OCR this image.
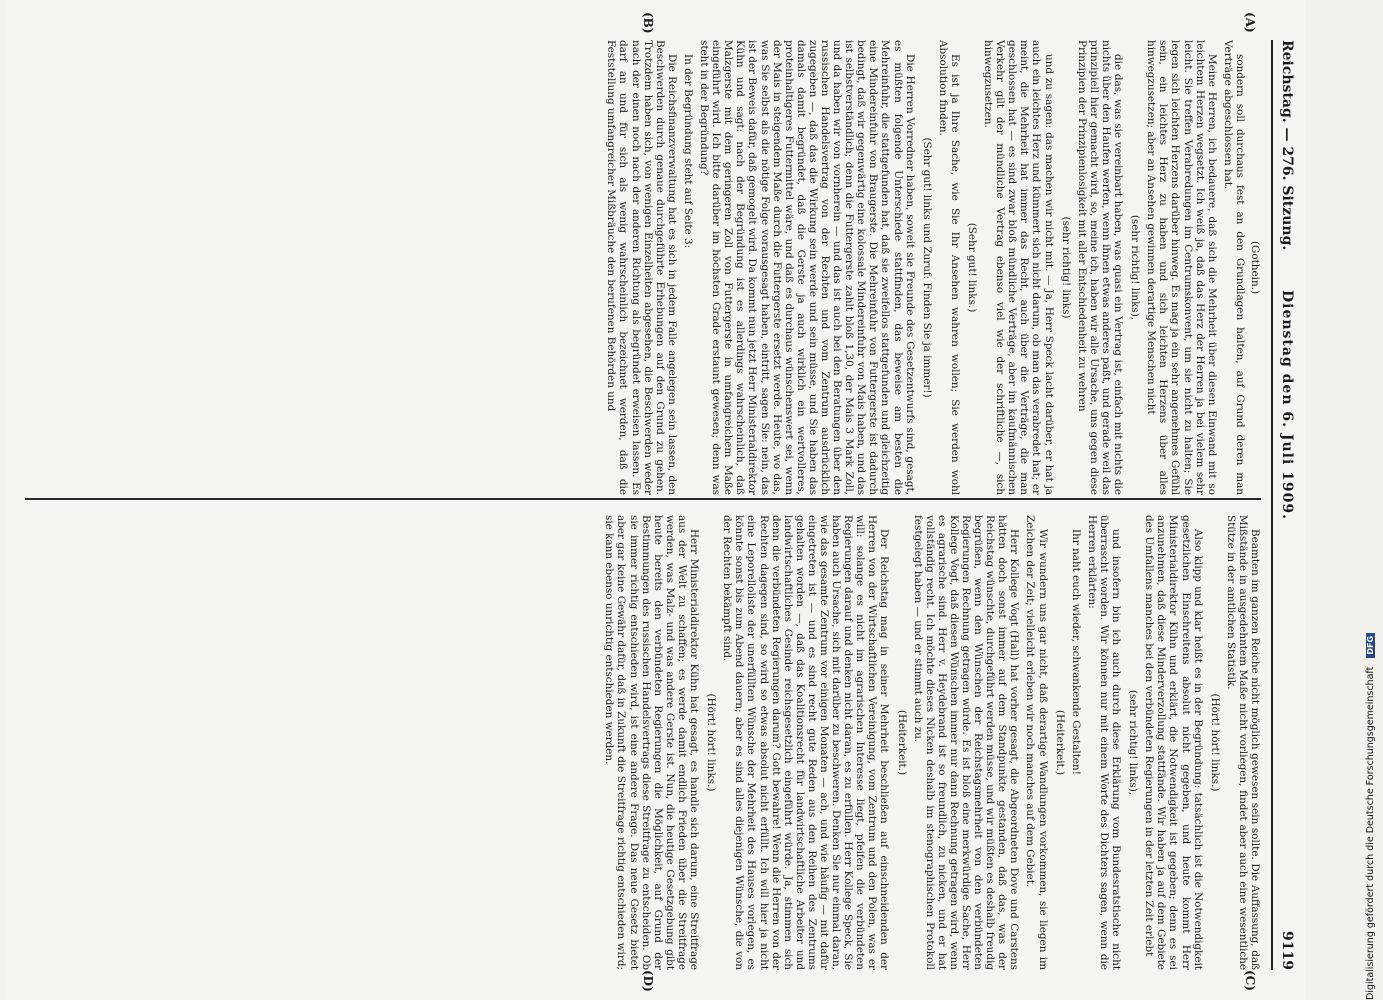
Reichstag. — 276. Sitzung.
Dienstag den 6. Juli 1909.
9119
(A)
(B)
(C)
(D)

(Gothein.)

sondern soll durchaus fest an den Grundlagen halten, auf Grund deren man Verträge abgeschlossen hat.

Meine Herren, ich bedauere, daß sich die Mehrheit über diesen Einwand mit so leichtem Herzen wegsetzt. Ich weiß ja, daß das Herz der Herren ja bei vielem sehr leicht. Sie treffen Verabredungen im Centrumskonvent, um sie nicht zu halten; Sie legen sich leichten Herzens darüber hinweg. Es mag ja ein sehr angenehmes Gefühl sein, ein leichtes Herz zu haben und sich leichten Herzens über alles hinwegzusetzen; aber an Ansehen gewinnen derartige Menschen nicht

(sehr richtig! links),

die das, was sie vereinbart haben, was quasi ein Vertrag ist, einfach mit nichts die nichts über den Haufen werfen, wenn ihnen etwas anderes paßt, und gerade weil das prinzipiell hier gemacht wird, so, meine ich, haben wir alle Ursache, uns gegen diese Prinzipien der Prinzipienlosigkeit mit aller Entschiedenheit zu wehren

(sehr richtig! links)

und zu sagen: das machen wir nicht mit. — Ja, Herr Speck lacht darüber, er hat ja auch ein leichtes Herz und kümmert sich nicht darum, ob man das verabredet hat; er meint, die Mehrheit hat immer das Recht, auch über die Verträge, die man geschlossen hat — es sind zwar bloß mündliche Verträge, aber im kaufmännischen Verkehr gilt der mündliche Vertrag ebenso viel wie der schriftliche —, sich hinwegzusetzen.

(Sehr gut! links.)

Es ist ja Ihre Sache, wie Sie Ihr Ansehen wahren wollen; Sie werden wohl Absolution finden.

(Sehr gut! links und Zuruf: Finden Sie ja immer!)

Die Herren Vorredner haben, soweit sie Freunde des Gesetzentwurfs sind, gesagt, es müßten folgende Unterschiede stattfinden, das beweise am besten die Mehreinfuhr, die stattgefunden hat, daß sie zweifellos stattgefunden und gleichzeitig eine Mindereinfuhr von Braugerste. Die Mehreinfuhr von Futtergerste ist dadurch bedingt, daß wir gegenwärtig eine kolossale Mindereinfuhr von Mais haben, und das ist selbstverständlich; denn die Futtergerste zahlt bloß 1,30, der Mais 3 Mark Zoll, und da haben wir von vornherein — und das ist auch bei den Beratungen über den russischen Handelsvertrag von der Rechten und vom Zentrum ausdrücklich zugegeben —, daß das die Wirkung sein werde und sein müsse, und Sie haben das damals damit begründet, daß die Gerste ja auch wirklich ein wertvolleres, proteinhaltigeres Futtermittel wäre, und daß es durchaus wünschenswert sei, wenn der Mais in steigendem Maße durch die Futtergerste ersetzt werde. Heute, wo das, was Sie selbst als die nötige Folge vorausgesagt haben, eintritt, sagen Sie: nein, das ist der Beweis dafür, daß gemogelt wird. Da kommt nun jetzt Herr Ministerialdirektor Kühn und sagt: nach der Begründung ist es allerdings wahrscheinlich, daß Malzgerste mit dem geringeren Zoll von Futtergerste in umfangreichem Maße eingeführt wird. Ich bitte darüber im höchsten Grade erstaunt gewesen; denn was steht in der Begründung?

In der Begründung steht auf Seite 3:

Die Reichsfinanzverwaltung hat es sich in jedem Falle angelegen sein lassen, den Beschwerden durch genaue durchgeführte Erhebungen auf den Grund zu gehen. Trotzdem haben sich, von wenigen Einzelheiten abgesehen, die Beschwerden weder nach der einen noch nach der anderen Richtung als begründet erweisen lassen. Es darf an und für sich als wenig wahrscheinlich bezeichnet werden, daß die Feststellung umfangreicher Mißbräuche den berufenen Behörden und

Beamten im ganzen Reiche nicht möglich gewesen sein sollte. Die Auffassung, daß Mißstände in ausgedehntem Maße nicht vorliegen, findet aber auch eine wesentliche Stütze in der amtlichen Statistik.

(Hört! hört! links.)

Also klipp und klar heißt es in der Begründung: tatsächlich ist die Notwendigkeit gesetzlichen Einschreitens absolut nicht gegeben, und heute kommt Herr Ministerialdirektor Kühn und erklärt, die Notwendigkeit ist gegeben; denn es sei anzunehmen, daß diese Minderverzollung stattfände. Wir haben ja auf dem Gebiete des Umfallens manches bei den verbündeten Regierungen in der letzten Zeit erlebt

(sehr richtig! links),

und insofern bin ich auch durch diese Erklärung vom Bundesratstische nicht überrascht worden. Wir können nur mit einem Worte des Dichters sagen, wenn die Herren erklärten:

Ihr naht euch wieder, schwankende Gestalten!

(Heiterkeit.)

Wir wundern uns gar nicht, daß derartige Wandlungen vorkommen, sie liegen im Zeichen der Zeit; vielleicht erleben wir noch manches auf dem Gebiet.

Herr Kollege Vogt (Hall) hat vorher gesagt, die Abgeordneten Dove und Carstens hätten doch sonst immer auf dem Standpunkte gestanden, daß das, was der Reichstag wünschte, durchgeführt werden müsse, und wir müßten es deshalb freudig begrüßen, wenn den Wünschen der Reichstagsmehrheit von den verbündeten Regierungen Rechnung getragen würde. Es ist bloß eine merkwürdige Sache, Herr Kollege Vogt, daß diesen Wünschen immer nur dann Rechnung getragen wird, wenn es agrarische sind. Herr v. Heydebrand ist so freundlich, zu nicken, und er hat vollständig recht. Ich möchte dieses Nicken deshalb im stenographischen Protokoll festgelegt haben — und er stimmt auch zu.

(Heiterkeit.)

Der Reichstag mag in seiner Mehrheit beschließen auf einschneidenden der Herren von der Wirtschaftlichen Vereinigung, vom Zentrum und den Polen, was er will: solange es nicht im agrarischen Interesse liegt, pfeifen die verbündeten Regierungen darauf und denken nicht daran, es zu erfüllen. Herr Kollege Speck, Sie haben auch Ursache, sich mit darüber zu beschweren. Denken Sie nur einmal daran, wie das gesamte Zentrum vor einigen Monaten — ach, und wie häufig — mit dafür eingetreten ist — und es sind recht gute Reden aus den Reihen des Zentrums gehalten worden —, daß das Koalitionsrecht für landwirtschaftliche Arbeiter und landwirtschaftliches Gesinde reichsgesetzlich eingeführt würde. Ja, stimmen sich denn die verbündeten Regierungen darum? Gott bewahre! Wenn die Herren von der Rechten dagegen sind, so wird so etwas absolut nicht erfüllt. Ich will hier ja nicht eine Leporelloliste der unerfüllten Wünsche der Mehrheit des Hauses vorlegen, es könnte sonst bis zum Abend dauern; aber es sind alles diejenigen Wünsche, die von der Rechten bekämpft sind.

(Hört! hört! links.)

Herr Ministerialdirektor Kühn hat gesagt, es handle sich darum, eine Streitfrage aus der Welt zu schaffen; es werde damit endlich Frieden über die Streitfrage werden, was Malz- und was andere Gerste ist. Nun, die heutige Gesetzgebung gibt heute bereits den verbündeten Regierungen die Möglichkeit, auf Grund der Bestimmungen des russischen Handelsvertrags diese Streitfrage zu entscheiden. Ob sie immer richtig entschieden wird, ist eine andere Frage. Das neue Gesetz bietet aber gar keine Gewähr dafür, daß in Zukunft die Streitfrage richtig entschieden wird; sie kann ebenso unrichtig entschieden werden.

Digitalisierung gefördert durch die Deutsche Forschungsgemeinschaft DFG
